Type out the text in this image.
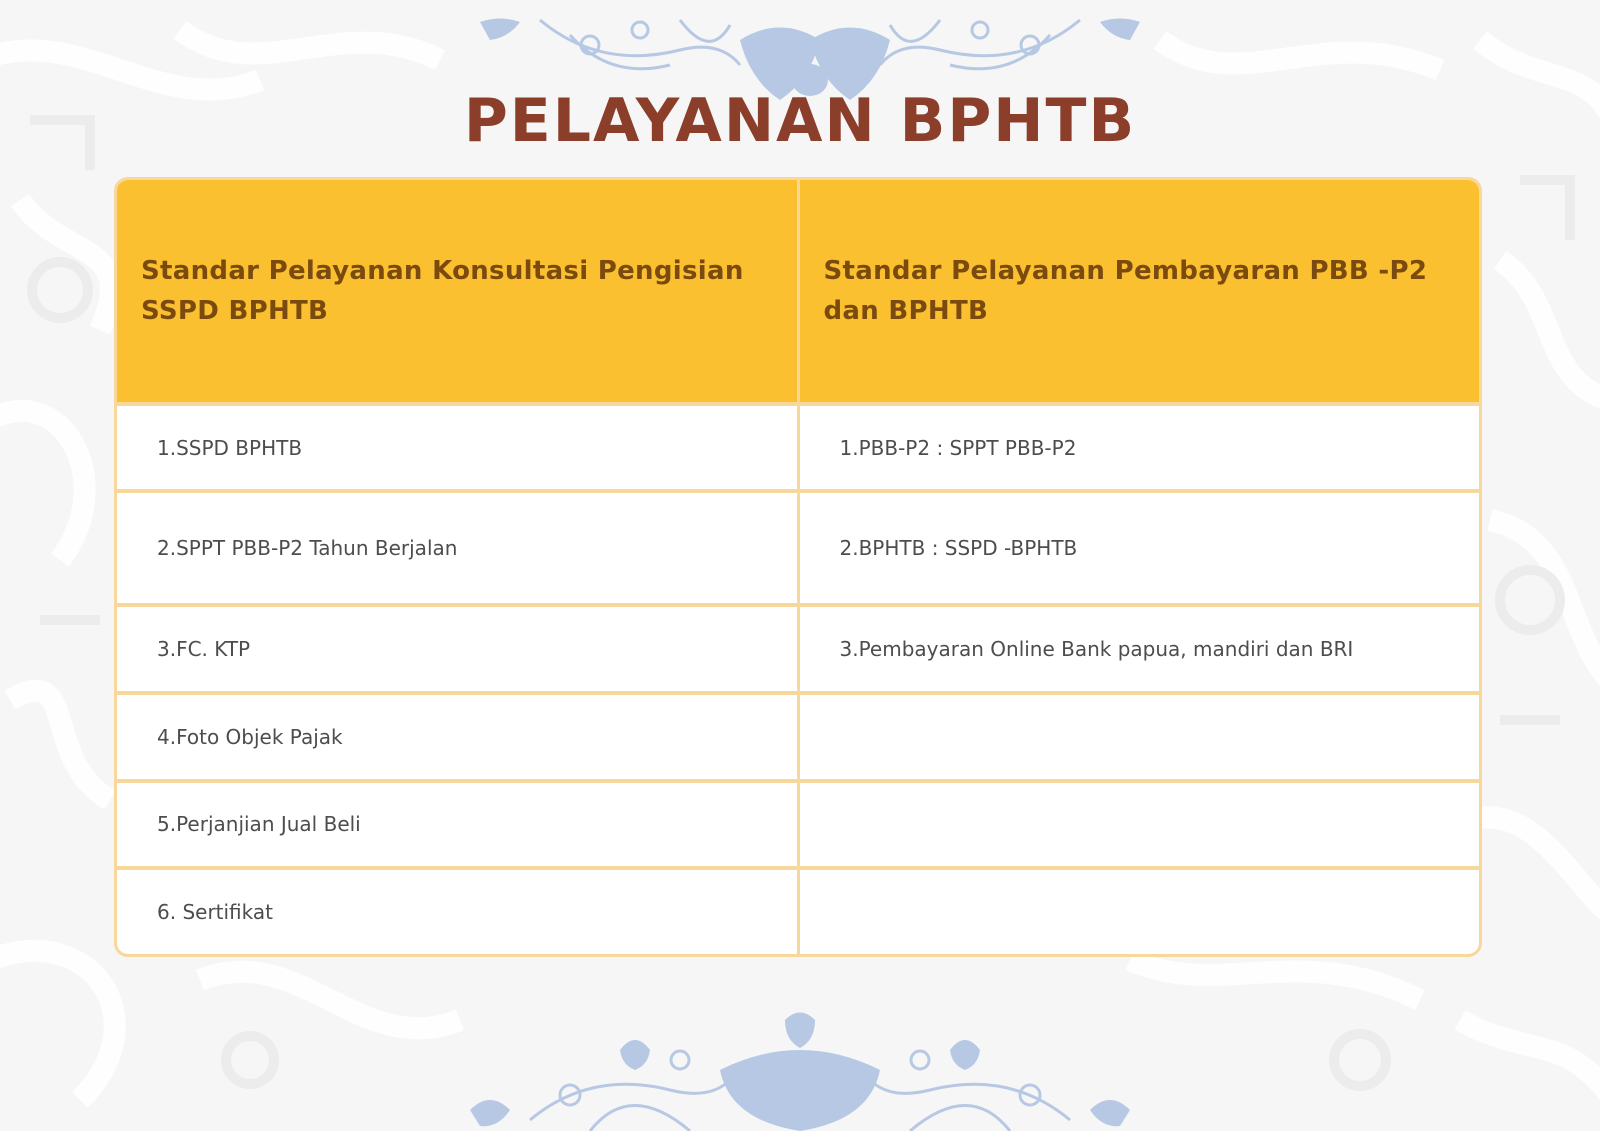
PELAYANAN BPHTB
Standar Pelayanan Konsultasi Pengisian SSPD BPHTB	Standar Pelayanan Pembayaran PBB -P2 dan BPHTB
1.SSPD BPHTB	1.PBB-P2 : SPPT PBB-P2
2.SPPT PBB-P2 Tahun Berjalan	2.BPHTB : SSPD -BPHTB
3.FC. KTP	3.Pembayaran Online Bank papua, mandiri dan BRI
4.Foto Objek Pajak	
5.Perjanjian Jual Beli	
6. Sertifikat	
